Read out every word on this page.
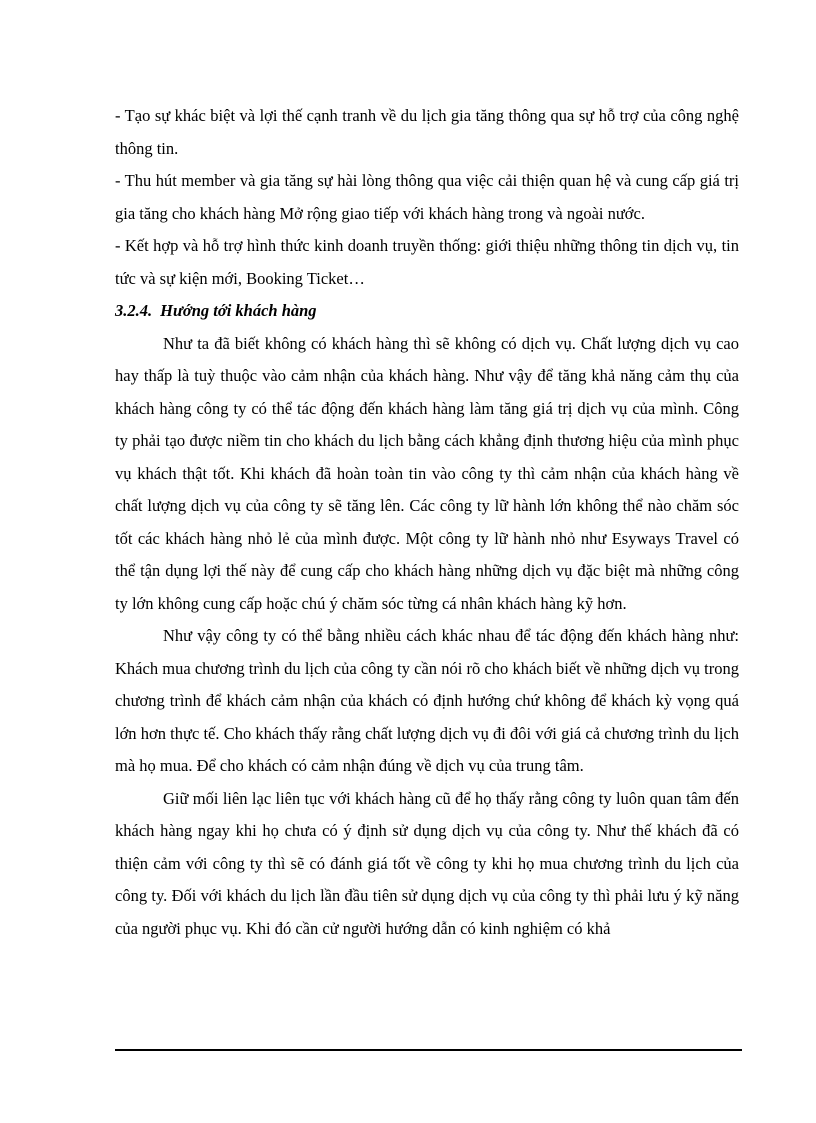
- Tạo sự khác biệt và lợi thế cạnh tranh về du lịch gia tăng thông qua sự hỗ trợ của công nghệ thông tin.

- Thu hút member và gia tăng sự hài lòng thông qua việc cải thiện quan hệ và cung cấp giá trị gia tăng cho khách hàng Mở rộng giao tiếp với khách hàng trong và ngoài nước.

- Kết hợp và hỗ trợ hình thức kinh doanh truyền thống: giới thiệu những thông tin dịch vụ, tin tức và sự kiện mới, Booking Ticket…

3.2.4. Hướng tới khách hàng

Như ta đã biết không có khách hàng thì sẽ không có dịch vụ. Chất lượng dịch vụ cao hay thấp là tuỳ thuộc vào cảm nhận của khách hàng. Như vậy để tăng khả năng cảm thụ của khách hàng công ty có thể tác động đến khách hàng làm tăng giá trị dịch vụ của mình. Công ty phải tạo được niềm tin cho khách du lịch bằng cách khẳng định thương hiệu của mình phục vụ khách thật tốt. Khi khách đã hoàn toàn tin vào công ty thì cảm nhận của khách hàng về chất lượng dịch vụ của công ty sẽ tăng lên. Các công ty lữ hành lớn không thể nào chăm sóc tốt các khách hàng nhỏ lẻ của mình được. Một công ty lữ hành nhỏ như Esyways Travel có thể tận dụng lợi thế này để cung cấp cho khách hàng những dịch vụ đặc biệt mà những công ty lớn không cung cấp hoặc chú ý chăm sóc từng cá nhân khách hàng kỹ hơn.

Như vậy công ty có thể bằng nhiều cách khác nhau để tác động đến khách hàng như: Khách mua chương trình du lịch của công ty cần nói rõ cho khách biết về những dịch vụ trong chương trình để khách cảm nhận của khách có định hướng chứ không để khách kỳ vọng quá lớn hơn thực tế. Cho khách thấy rằng chất lượng dịch vụ đi đôi với giá cả chương trình du lịch mà họ mua. Để cho khách có cảm nhận đúng về dịch vụ của trung tâm.

Giữ mối liên lạc liên tục với khách hàng cũ để họ thấy rằng công ty luôn quan tâm đến khách hàng ngay khi họ chưa có ý định sử dụng dịch vụ của công ty. Như thế khách đã có thiện cảm với công ty thì sẽ có đánh giá tốt về công ty khi họ mua chương trình du lịch của công ty. Đối với khách du lịch lần đầu tiên sử dụng dịch vụ của công ty thì phải lưu ý kỹ năng của người phục vụ. Khi đó cần cử người hướng dẫn có kinh nghiệm có khả
